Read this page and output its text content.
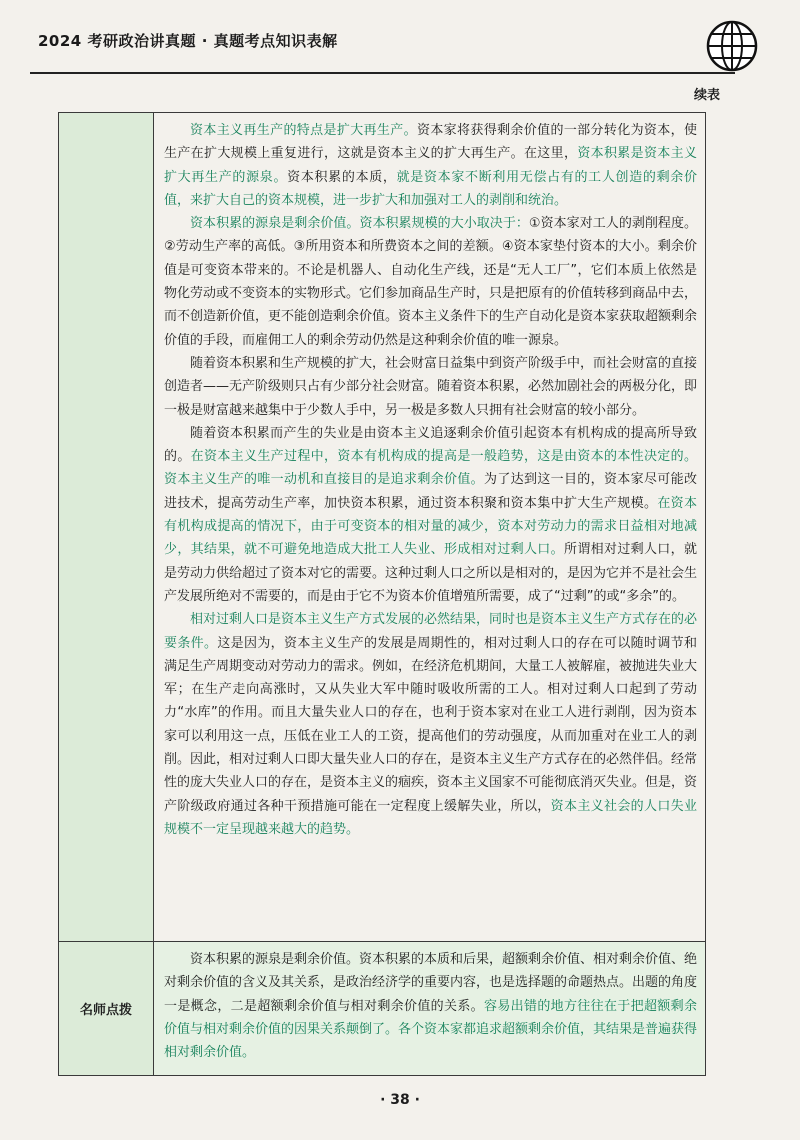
2024 考研政治讲真题 · 真题考点知识表解
续表

资本主义再生产的特点是扩大再生产。资本家将获得剩余价值的一部分转化为资本，使生产在扩大规模上重复进行，这就是资本主义的扩大再生产。在这里，资本积累是资本主义扩大再生产的源泉。资本积累的本质，就是资本家不断利用无偿占有的工人创造的剩余价值，来扩大自己的资本规模，进一步扩大和加强对工人的剥削和统治。

资本积累的源泉是剩余价值。资本积累规模的大小取决于：①资本家对工人的剥削程度。②劳动生产率的高低。③所用资本和所费资本之间的差额。④资本家垫付资本的大小。剩余价值是可变资本带来的。不论是机器人、自动化生产线，还是“无人工厂”，它们本质上依然是物化劳动或不变资本的实物形式。它们参加商品生产时，只是把原有的价值转移到商品中去，而不创造新价值，更不能创造剩余价值。资本主义条件下的生产自动化是资本家获取超额剩余价值的手段，而雇佣工人的剩余劳动仍然是这种剩余价值的唯一源泉。

随着资本积累和生产规模的扩大，社会财富日益集中到资产阶级手中，而社会财富的直接创造者——无产阶级则只占有少部分社会财富。随着资本积累，必然加剧社会的两极分化，即一极是财富越来越集中于少数人手中，另一极是多数人只拥有社会财富的较小部分。

随着资本积累而产生的失业是由资本主义追逐剩余价值引起资本有机构成的提高所导致的。在资本主义生产过程中，资本有机构成的提高是一般趋势，这是由资本的本性决定的。资本主义生产的唯一动机和直接目的是追求剩余价值。为了达到这一目的，资本家尽可能改进技术，提高劳动生产率，加快资本积累，通过资本积聚和资本集中扩大生产规模。在资本有机构成提高的情况下，由于可变资本的相对量的减少，资本对劳动力的需求日益相对地减少，其结果，就不可避免地造成大批工人失业、形成相对过剩人口。所谓相对过剩人口，就是劳动力供给超过了资本对它的需要。这种过剩人口之所以是相对的，是因为它并不是社会生产发展所绝对不需要的，而是由于它不为资本价值增殖所需要，成了“过剩”的或“多余”的。

相对过剩人口是资本主义生产方式发展的必然结果，同时也是资本主义生产方式存在的必要条件。这是因为，资本主义生产的发展是周期性的，相对过剩人口的存在可以随时调节和满足生产周期变动对劳动力的需求。例如，在经济危机期间，大量工人被解雇，被抛进失业大军；在生产走向高涨时，又从失业大军中随时吸收所需的工人。相对过剩人口起到了劳动力“水库”的作用。而且大量失业人口的存在，也利于资本家对在业工人进行剥削，因为资本家可以利用这一点，压低在业工人的工资，提高他们的劳动强度，从而加重对在业工人的剥削。因此，相对过剩人口即大量失业人口的存在，是资本主义生产方式存在的必然伴侣。经常性的庞大失业人口的存在，是资本主义的痼疾，资本主义国家不可能彻底消灭失业。但是，资产阶级政府通过各种干预措施可能在一定程度上缓解失业，所以，资本主义社会的人口失业规模不一定呈现越来越大的趋势。

名师点拨

资本积累的源泉是剩余价值。资本积累的本质和后果，超额剩余价值、相对剩余价值、绝对剩余价值的含义及其关系，是政治经济学的重要内容，也是选择题的命题热点。出题的角度一是概念，二是超额剩余价值与相对剩余价值的关系。容易出错的地方往往在于把超额剩余价值与相对剩余价值的因果关系颠倒了。各个资本家都追求超额剩余价值，其结果是普遍获得相对剩余价值。

· 38 ·
